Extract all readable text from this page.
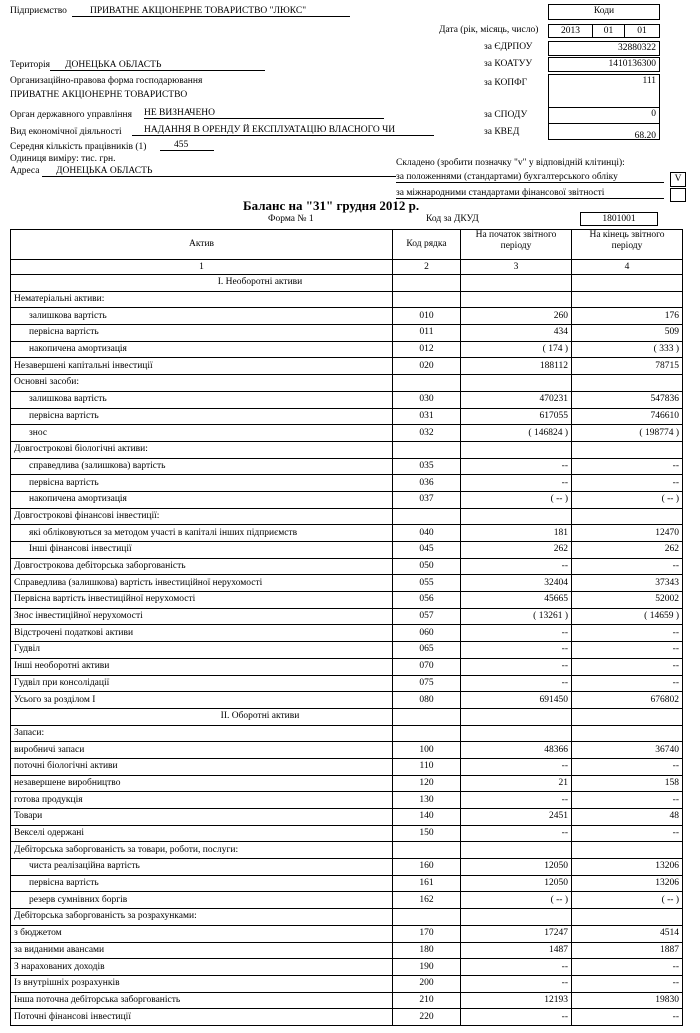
Підприємство	ПРИВАТНЕ АКЦІОНЕРНЕ ТОВАРИСТВО "ЛЮКС"
Територія	ДОНЕЦЬКА ОБЛАСТЬ
Организаційно-правова форма господарювання
ПРИВАТНЕ АКЦІОНЕРНЕ ТОВАРИСТВО
Орган державного управління НЕ ВИЗНАЧЕНО
Вид економічної діяльності	НАДАННЯ В ОРЕНДУ Й ЕКСПЛУАТАЦІЮ ВЛАСНОГО ЧИ
Середня кількість працівників (1)	455
Одиниця виміру: тис. грн.
Адреса	ДОНЕЦЬКА ОБЛАСТЬ
Коди
Дата (рік, місяць, число)	2013	01	01
за ЄДРПОУ	32880322
за КОАТУУ	1410136300
за КОПФГ	111
за СПОДУ	0
за КВЕД	68.20
Складено (зробити позначку "v" у відповідній клітинці):
за положеннями (стандартами) бухгалтерського обліку	V
за міжнародними стандартами фінансової звітності
Баланс на "31" грудня 2012 р.
Форма № 1	Код за ДКУД	1801001
Актив	Код рядка	На початок звітного періоду	На кінець звітного періоду
1	2	3	4
I. Необоротні активи			
Нематеріальні активи:			
залишкова вартість	010	260	176
первісна вартість	011	434	509
накопичена амортизація	012	( 174 )	( 333 )
Незавершені капітальні інвестиції	020	188112	78715
Основні засоби:			
залишкова вартість	030	470231	547836
первісна вартість	031	617055	746610
знос	032	( 146824 )	( 198774 )
Довгострокові біологічні активи:			
справедлива (залишкова) вартість	035	--	--
первісна вартість	036	--	--
накопичена амортизація	037	( -- )	( -- )
Довгострокові фінансові інвестиції:			
які обліковуються за методом участі в капіталі інших підприємств	040	181	12470
Інші фінансові інвестиції	045	262	262
Довгострокова дебіторська заборгованість	050	--	--
Справедлива (залишкова) вартість інвестиційної нерухомості	055	32404	37343
Первісна вартість інвестиційної нерухомості	056	45665	52002
Знос інвестиційної нерухомості	057	( 13261 )	( 14659 )
Відстрочені податкові активи	060	--	--
Гудвіл	065	--	--
Інші необоротні активи	070	--	--
Гудвіл при консолідації	075	--	--
Усього за розділом I	080	691450	676802
II. Оборотні активи			
Запаси:			
виробничі запаси	100	48366	36740
поточні біологічні активи	110	--	--
незавершене виробництво	120	21	158
готова продукція	130	--	--
Товари	140	2451	48
Векселі одержані	150	--	--
Дебіторська заборгованість за товари, роботи, послуги:			
чиста реалізаційна вартість	160	12050	13206
первісна вартість	161	12050	13206
резерв сумнівних боргів	162	( -- )	( -- )
Дебіторська заборгованість за розрахунками:			
з бюджетом	170	17247	4514
за виданими авансами	180	1487	1887
З нарахованих доходів	190	--	--
Із внутрішніх розрахунків	200	--	--
Інша поточна дебіторська заборгованість	210	12193	19830
Поточні фінансові інвестиції	220	--	--
